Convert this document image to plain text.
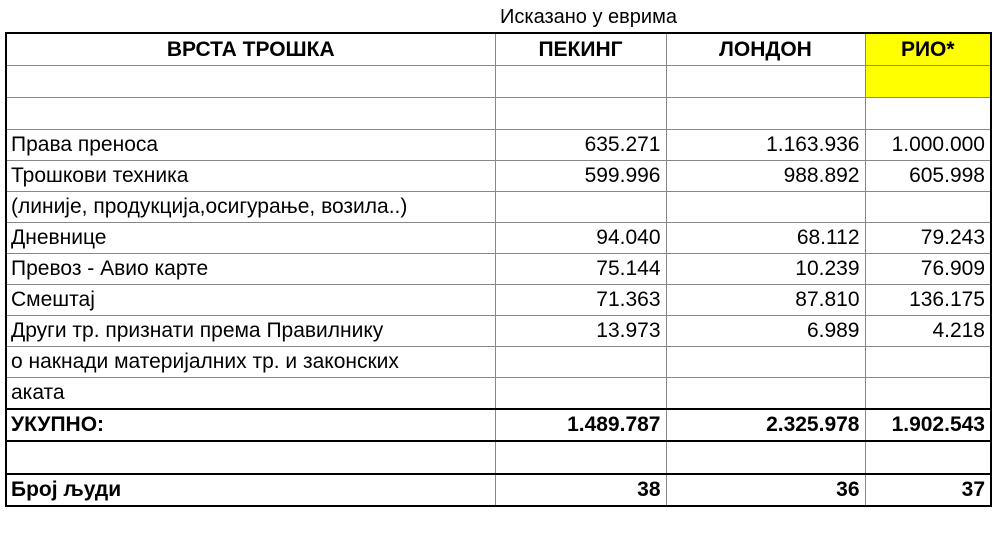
Исказано у еврима
ВРСТА ТРОШКА	ПЕКИНГ	ЛОНДОН	РИО*

Права преноса	635.271	1.163.936	1.000.000
Трошкови техника	599.996	988.892	605.998
(линије, продукција,осигурање, возила..)			
Дневнице	94.040	68.112	79.243
Превоз - Авио карте	75.144	10.239	76.909
Смештај	71.363	87.810	136.175
Други тр. признати према Правилнику	13.973	6.989	4.218
о накнади материјалних тр. и законских			
аката			
УКУПНО:	1.489.787	2.325.978	1.902.543

Број људи	38	36	37
